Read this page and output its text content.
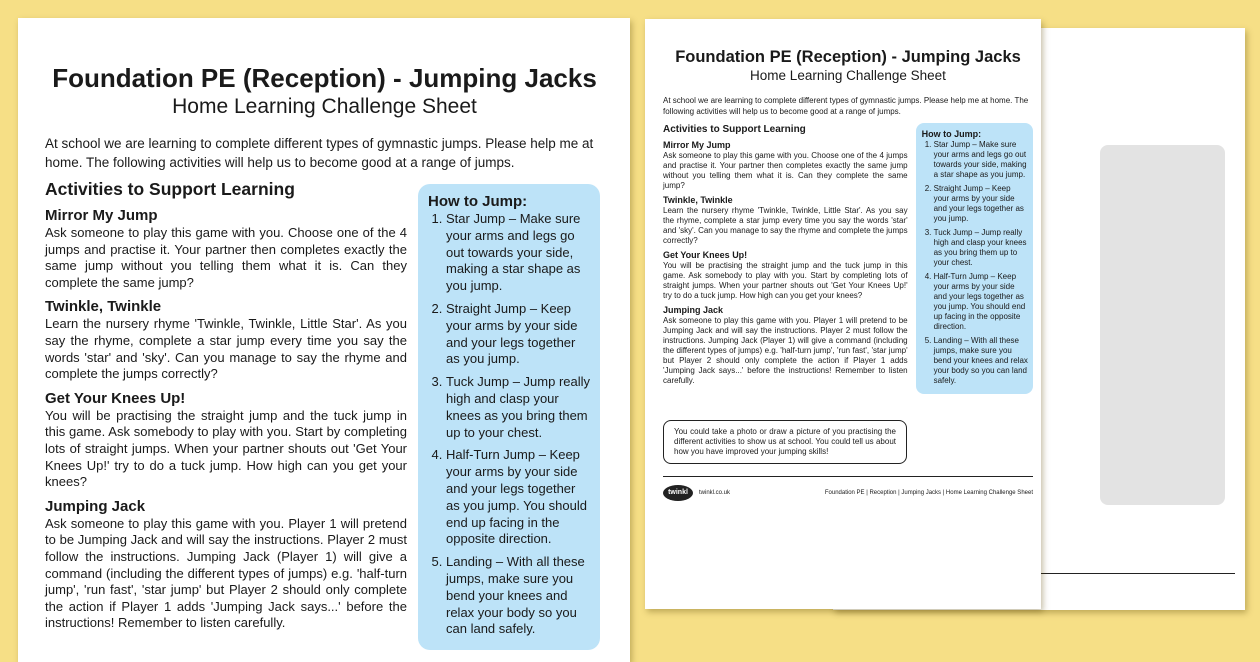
Foundation PE (Reception) - Jumping Jacks
Home Learning Challenge Sheet

At school we are learning to complete different types of gymnastic jumps. Please help me at home. The following activities will help us to become good at a range of jumps.

Activities to Support Learning
Mirror My Jump

Ask someone to play this game with you. Choose one of the 4 jumps and practise it. Your partner then completes exactly the same jump without you telling them what it is. Can they complete the same jump?

Twinkle, Twinkle

Learn the nursery rhyme 'Twinkle, Twinkle, Little Star'. As you say the rhyme, complete a star jump every time you say the words 'star' and 'sky'. Can you manage to say the rhyme and complete the jumps correctly?

Get Your Knees Up!

You will be practising the straight jump and the tuck jump in this game. Ask somebody to play with you. Start by completing lots of straight jumps. When your partner shouts out 'Get Your Knees Up!' try to do a tuck jump. How high can you get your knees?

Jumping Jack

Ask someone to play this game with you. Player 1 will pretend to be Jumping Jack and will say the instructions. Player 2 must follow the instructions. Jumping Jack (Player 1) will give a command (including the different types of jumps) e.g. 'half-turn jump', 'run fast', 'star jump' but Player 2 should only complete the action if Player 1 adds 'Jumping Jack says...' before the instructions! Remember to listen carefully.

How to Jump:
1. Star Jump – Make sure your arms and legs go out towards your side, making a star shape as you jump.
2. Straight Jump – Keep your arms by your side and your legs together as you jump.
3. Tuck Jump – Jump really high and clasp your knees as you bring them up to your chest.
4. Half-Turn Jump – Keep your arms by your side and your legs together as you jump. You should end up facing in the opposite direction.
5. Landing – With all these jumps, make sure you bend your knees and relax your body so you can land safely.
You could take a photo or draw a picture of you practising the different activities to show us at school. You could tell us about how you have improved your jumping skills!
twinkl	twinkl.co.uk	Foundation PE | Reception | Jumping Jacks | Home Learning Challenge Sheet
Foundation PE (Reception) - Jumping Jacks
Home Learning Challenge Sheet

At school we are learning to complete different types of gymnastic jumps. Please help me at home. The following activities will help us to become good at a range of jumps.

Activities to Support Learning
Mirror My Jump

Ask someone to play this game with you. Choose one of the 4 jumps and practise it. Your partner then completes exactly the same jump without you telling them what it is. Can they complete the same jump?

Twinkle, Twinkle

Learn the nursery rhyme 'Twinkle, Twinkle, Little Star'. As you say the rhyme, complete a star jump every time you say the words 'star' and 'sky'. Can you manage to say the rhyme and complete the jumps correctly?

Get Your Knees Up!

You will be practising the straight jump and the tuck jump in this game. Ask somebody to play with you. Start by completing lots of straight jumps. When your partner shouts out 'Get Your Knees Up!' try to do a tuck jump. How high can you get your knees?

Jumping Jack

Ask someone to play this game with you. Player 1 will pretend to be Jumping Jack and will say the instructions. Player 2 must follow the instructions. Jumping Jack (Player 1) will give a command (including the different types of jumps) e.g. 'half-turn jump', 'run fast', 'star jump' but Player 2 should only complete the action if Player 1 adds 'Jumping Jack says...' before the instructions! Remember to listen carefully.

How to Jump:
1. Star Jump – Make sure your arms and legs go out towards your side, making a star shape as you jump.
2. Straight Jump – Keep your arms by your side and your legs together as you jump.
3. Tuck Jump – Jump really high and clasp your knees as you bring them up to your chest.
4. Half-Turn Jump – Keep your arms by your side and your legs together as you jump. You should end up facing in the opposite direction.
5. Landing – With all these jumps, make sure you bend your knees and relax your body so you can land safely.
